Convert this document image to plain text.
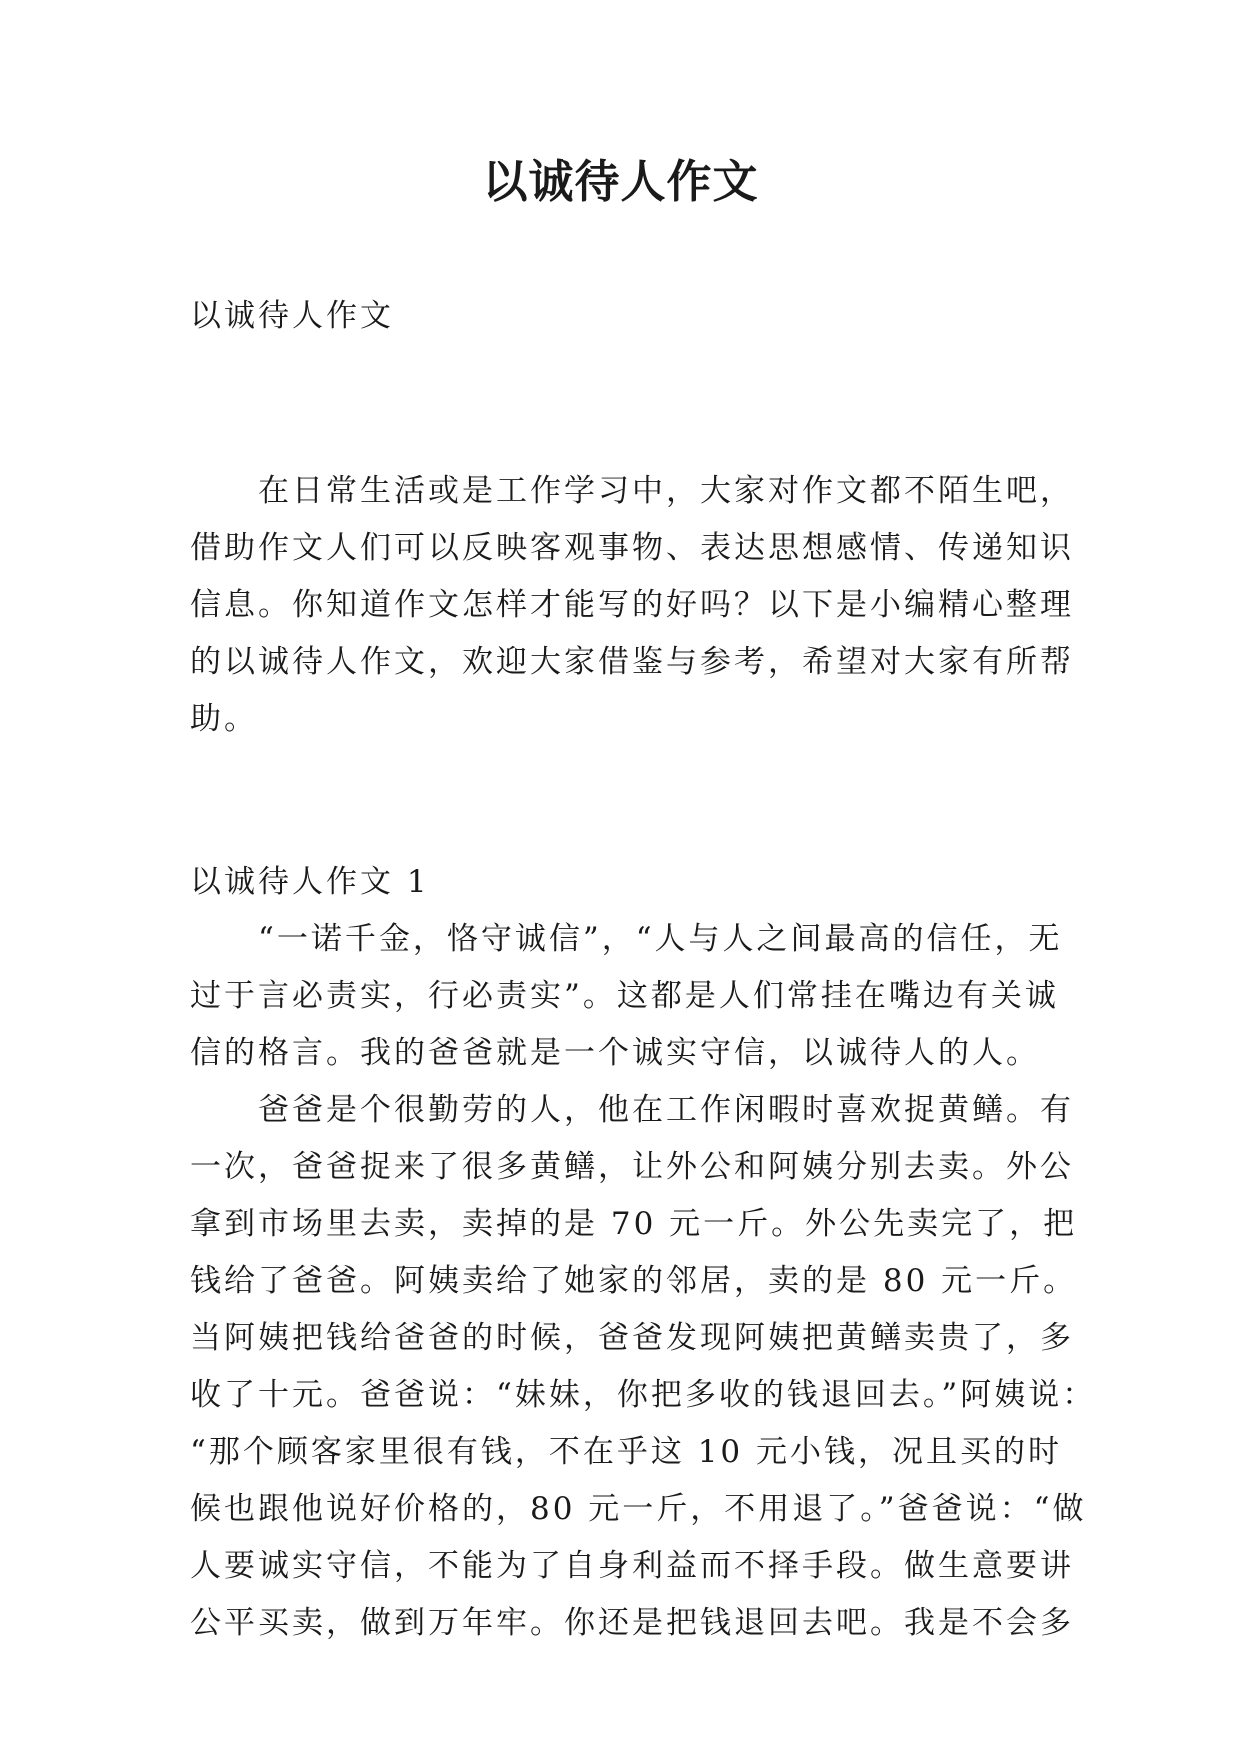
以诚待人作文
以诚待人作文
　　在日常生活或是工作学习中，大家对作文都不陌生吧，
借助作文人们可以反映客观事物、表达思想感情、传递知识
信息。你知道作文怎样才能写的好吗？以下是小编精心整理
的以诚待人作文，欢迎大家借鉴与参考，希望对大家有所帮
助。
以诚待人作文 1
　　“一诺千金，恪守诚信”，“人与人之间最高的信任，无
过于言必责实，行必责实”。这都是人们常挂在嘴边有关诚
信的格言。我的爸爸就是一个诚实守信，以诚待人的人。
　　爸爸是个很勤劳的人，他在工作闲暇时喜欢捉黄鳝。有
一次，爸爸捉来了很多黄鳝，让外公和阿姨分别去卖。外公
拿到市场里去卖，卖掉的是 70 元一斤。外公先卖完了，把
钱给了爸爸。阿姨卖给了她家的邻居，卖的是 80 元一斤。
当阿姨把钱给爸爸的时候，爸爸发现阿姨把黄鳝卖贵了，多
收了十元。爸爸说：“妹妹，你把多收的钱退回去。”阿姨说：
“那个顾客家里很有钱，不在乎这 10 元小钱，况且买的时
候也跟他说好价格的，80 元一斤，不用退了。”爸爸说：“做
人要诚实守信，不能为了自身利益而不择手段。做生意要讲
公平买卖，做到万年牢。你还是把钱退回去吧。我是不会多
